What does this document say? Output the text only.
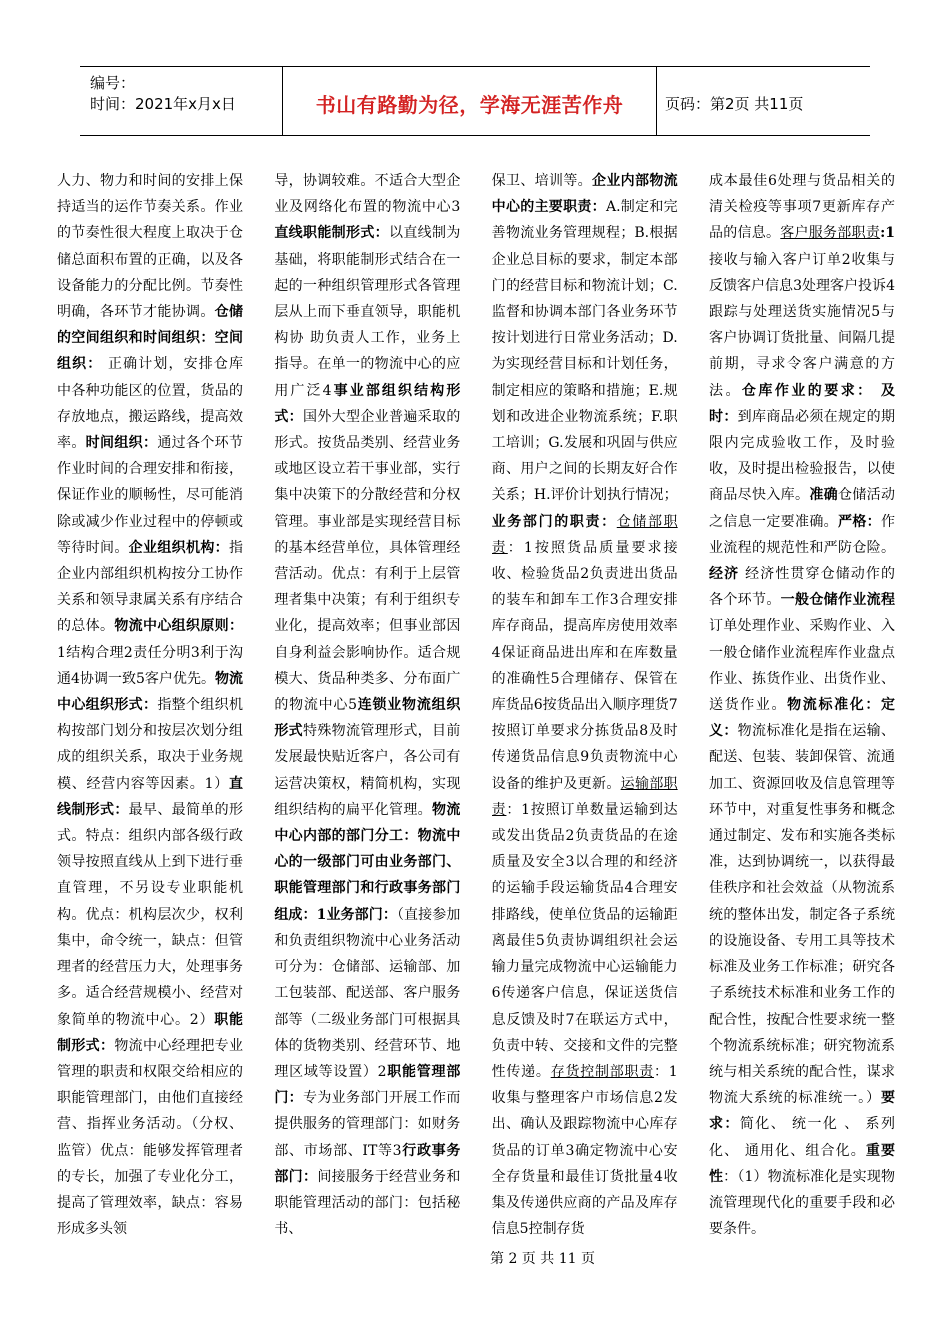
编号：
时间：2021年x月x日	书山有路勤为径，学海无涯苦作舟	页码：第2页 共11页
人力、物力和时间的安排上保持适当的运作节奏关系。作业的节奏性很大程度上取决于仓储总面积布置的正确，以及各设备能力的分配比例。节奏性明确，各环节才能协调。仓储的空间组织和时间组织：空间组织： 正确计划，安排仓库中各种功能区的位置，货品的存放地点，搬运路线，提高效率。时间组织：通过各个环节作业时间的合理安排和衔接，保证作业的顺畅性，尽可能消除或减少作业过程中的停顿或等待时间。企业组织机构：指企业内部组织机构按分工协作关系和领导隶属关系有序结合的总体。物流中心组织原则：1结构合理2责任分明3利于沟通4协调一致5客户优先。物流中心组织形式：指整个组织机构按部门划分和按层次划分组成的组织关系，取决于业务规模、经营内容等因素。1）直线制形式：最早、最简单的形式。特点：组织内部各级行政领导按照直线从上到下进行垂直管理，不另设专业职能机构。优点：机构层次少，权利集中，命令统一，缺点：但管理者的经营压力大，处理事务多。适合经营规模小、经营对象简单的物流中心。2）职能制形式：物流中心经理把专业管理的职责和权限交给相应的职能管理部门，由他们直接经 营、指挥业务活动。（分权、监管）优点：能够发挥管理者的专长，加强了专业化分工，提高了管理效率，缺点：容易形成多头领
导，协调较难。不适合大型企业及网络化布置的物流中心3直线职能制形式：以直线制为基础，将职能制形式结合在一起的一种组织管理形式各管理层从上而下垂直领导，职能机构协 助负责人工作，业务上指导。在单一的物流中心的应用广泛4事业部组织结构形式：国外大型企业普遍采取的形式。按货品类别、经营业务或地区设立若干事业部，实行集中决策下的分散经营和分权管理。事业部是实现经营目标的基本经营单位，具体管理经营活动。优点：有利于上层管理者集中决策；有利于组织专业化，提高效率；但事业部因自身利益会影响协作。适合规模大、货品种类多、分布面广的物流中心5连锁业物流组织形式特殊物流管理形式，目前发展最快贴近客户，各公司有运营决策权，精简机构，实现组织结构的扁平化管理。物流中心内部的部门分工：物流中心的一级部门可由业务部门、职能管理部门和行政事务部门组成：1业务部门：（直接参加和负责组织物流中心业务活动可分为：仓储部、运输部、加工包装部、配送部、客户服务部等（二级业务部门可根据具体的货物类别、经营环节、地理区域等设置）2职能管理部门：专为业务部门开展工作而提供服务的管理部门：如财务部、市场部、IT等3行政事务部门：间接服务于经营业务和职能管理活动的部门：包括秘书、
保卫、培训等。企业内部物流中心的主要职责：A.制定和完善物流业务管理规程；B.根据企业总目标的要求，制定本部门的经营目标和物流计划；C.监督和协调本部门各业务环节按计划进行日常业务活动；D.为实现经营目标和计划任务，制定相应的策略和措施；E.规划和改进企业物流系统；F.职工培训；G.发展和巩固与供应商、用户之间的长期友好合作关系；H.评价计划执行情况；业务部门的职责：仓储部职责：1按照货品质量要求接收、检验货品2负责进出货品的装车和卸车工作3合理安排库存商品，提高库房使用效率4保证商品进出库和在库数量的准确性5合理储存、保管在库货品6按货品出入顺序理货7按照订单要求分拣货品8及时传递货品信息9负责物流中心设备的维护及更新。运输部职责：1按照订单数量运输到达或发出货品2负责货品的在途质量及安全3以合理的和经济的运输手段运输货品4合理安排路线，使单位货品的运输距离最佳5负责协调组织社会运输力量完成物流中心运输能力6传递客户信息，保证送货信息反馈及时7在联运方式中，负责中转、交接和文件的完整性传递。存货控制部职责：1收集与整理客户市场信息2发出、确认及跟踪物流中心库存货品的订单3确定物流中心安全存货量和最佳订货批量4收集及传递供应商的产品及库存信息5控制存货
成本最佳6处理与货品相关的清关检疫等事项7更新库存产品的信息。客户服务部职责:1接收与输入客户订单2收集与反馈客户信息3处理客户投诉4跟踪与处理送货实施情况5与客户协调订货批量、间隔几提前期，寻求令客户满意的方法。仓库作业的要求： 及时：到库商品必须在规定的期限内完成验收工作，及时验收，及时提出检验报告，以使商品尽快入库。准确仓储活动之信息一定要准确。严格：作业流程的规范性和严防仓险。经济 经济性贯穿仓储动作的各个环节。一般仓储作业流程订单处理作业、采购作业、入一般仓储作业流程库作业盘点作业、拣货作业、出货作业、送货作业。物流标准化：定义：物流标准化是指在运输、配送、包装、装卸保管、流通加工、资源回收及信息管理等环节中，对重复性事务和概念通过制定、发布和实施各类标准，达到协调统一，以获得最佳秩序和社会效益（从物流系统的整体出发，制定各子系统的设施设备、专用工具等技术标准及业务工作标准；研究各子系统技术标准和业务工作的配合性，按配合性要求统一整个物流系统标准；研究物流系统与相关系统的配合性，谋求物流大系统的标准统一。）要求：简化、 统一化 、 系列化、 通用化、组合化。重要性：（1）物流标准化是实现物流管理现代化的重要手段和必要条件。
第 2 页 共 11 页
